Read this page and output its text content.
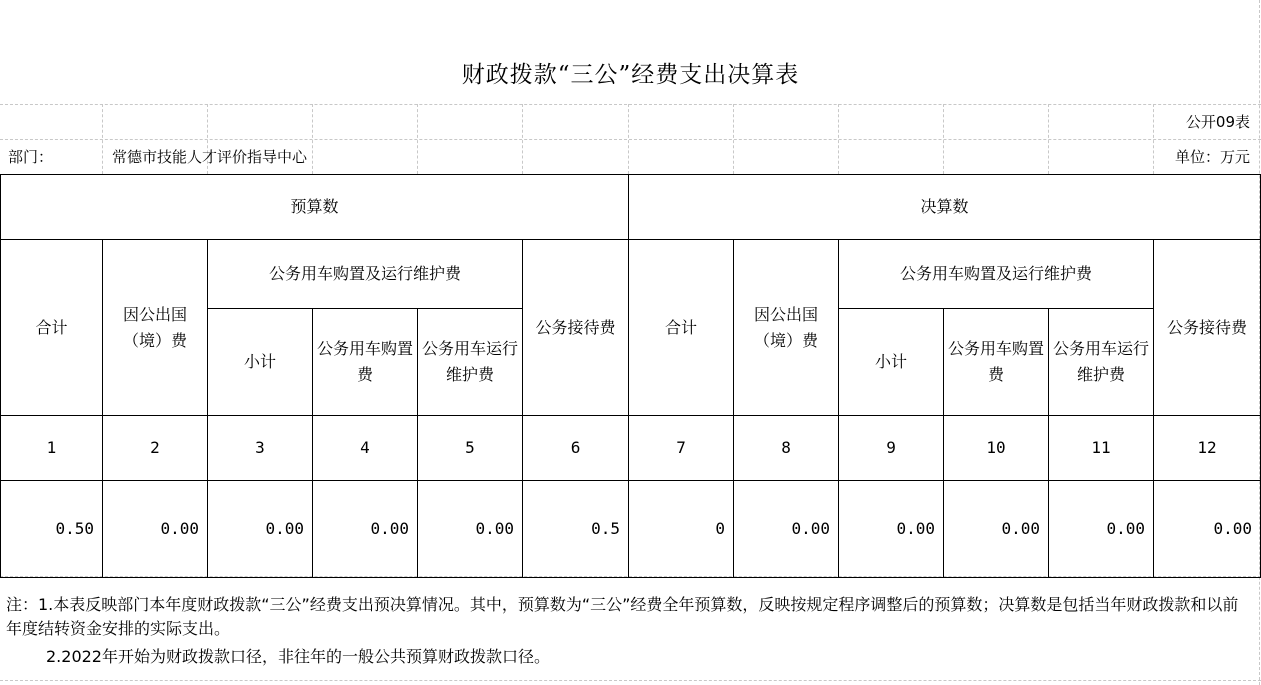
财政拨款“三公”经费支出决算表
公开09表
部门：	常德市技能人才评价指导中心	单位：万元
预算数						决算数					
合计	因公出国（境）费	公务用车购置及运行维护费			公务接待费	合计	因公出国（境）费	公务用车购置及运行维护费			公务接待费
		小计	公务用车购置费	公务用车运行维护费				小计	公务用车购置费	公务用车运行维护费	
1	2	3	4	5	6	7	8	9	10	11	12
0.50	0.00	0.00	0.00	0.00	0.5	0	0.00	0.00	0.00	0.00	0.00
注：1.本表反映部门本年度财政拨款“三公”经费支出预决算情况。其中，预算数为“三公”经费全年预算数，反映按规定程序调整后的预算数；决算数是包括当年财政拨款和以前年度结转资金安排的实际支出。
2.2022年开始为财政拨款口径，非往年的一般公共预算财政拨款口径。
